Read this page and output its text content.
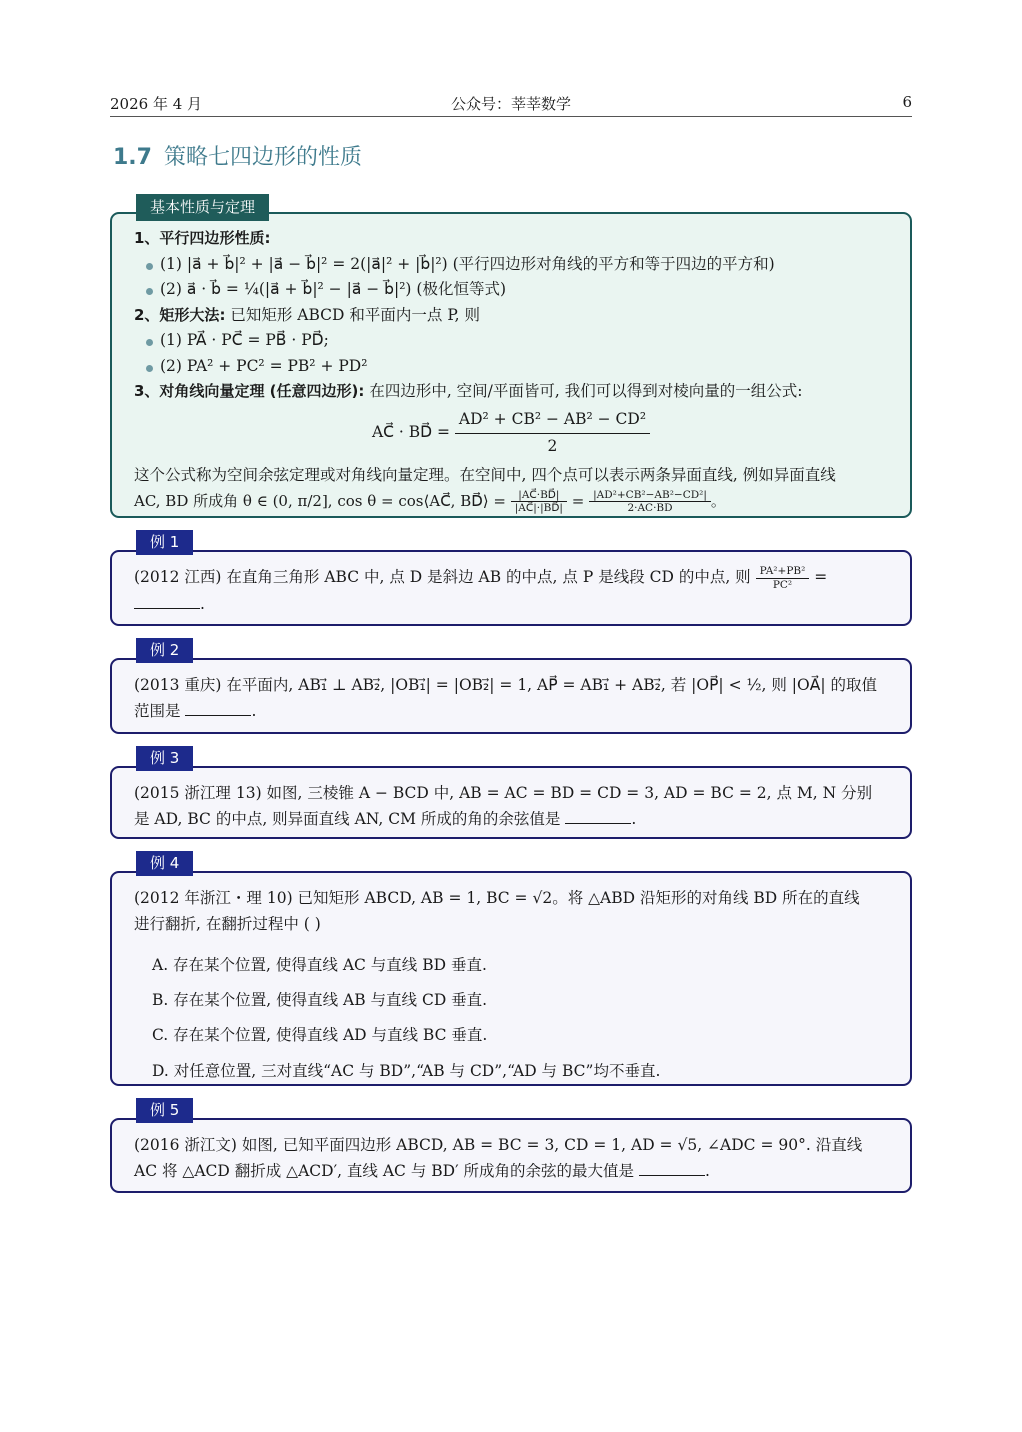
2026 年 4 月	公众号：莘莘数学	6
1.7 策略七四边形的性质
基本性质与定理
1、平行四边形性质:
(1) |a⃗ + b⃗|² + |a⃗ − b⃗|² = 2(|a⃗|² + |b⃗|²) (平行四边形对角线的平方和等于四边的平方和)
(2) a⃗ · b⃗ = ¼(|a⃗ + b⃗|² − |a⃗ − b⃗|²) (极化恒等式)
2、矩形大法: 已知矩形 ABCD 和平面内一点 P, 则
(1) PA⃗ · PC⃗ = PB⃗ · PD⃗;
(2) PA² + PC² = PB² + PD²
3、对角线向量定理 (任意四边形): 在四边形中, 空间/平面皆可, 我们可以得到对棱向量的一组公式:
AC⃗ · BD⃗ = $\frac{\text{AD² + CB² − AB² − CD²}}{2}$
这个公式称为空间余弦定理或对角线向量定理。在空间中, 四个点可以表示两条异面直线, 例如异面直线
AC, BD 所成角 θ ∈ (0, π/2], cos θ = cos⟨AC⃗, BD⃗⟩ = $\frac{|AC⃗\cdot BD⃗|}{|AC⃗|\cdot|BD⃗|} = \frac{\text{|AD²+CB²−AB²−CD²|}}{2\cdot AC\cdot BD}$ 。
例 1
(2012 江西) 在直角三角形 ABC 中, 点 D 是斜边 AB 的中点, 点 P 是线段 CD 的中点, 则 $\frac{\text{PA²+PB²}}{\text{PC²}}$ =
.
例 2
(2013 重庆) 在平面内, AB₁⃗ ⊥ AB₂⃗, |OB₁⃗| = |OB₂⃗| = 1, AP⃗ = AB₁⃗ + AB₂⃗, 若 |OP⃗| < ½, 则 |OA⃗| 的取值
范围是	.
例 3
(2015 浙江理 13) 如图, 三棱锥 A − BCD 中, AB = AC = BD = CD = 3, AD = BC = 2, 点 M, N 分别
是 AD, BC 的中点, 则异面直线 AN, CM 所成的角的余弦值是	.
例 4
(2012 年浙江・理 10) 已知矩形 ABCD, AB = 1, BC = √2。将 △ABD 沿矩形的对角线 BD 所在的直线
进行翻折, 在翻折过程中 ( )
A. 存在某个位置, 使得直线 AC 与直线 BD 垂直.
B. 存在某个位置, 使得直线 AB 与直线 CD 垂直.
C. 存在某个位置, 使得直线 AD 与直线 BC 垂直.
D. 对任意位置, 三对直线“AC 与 BD”,“AB 与 CD”,“AD 与 BC”均不垂直.
例 5
(2016 浙江文) 如图, 已知平面四边形 ABCD, AB = BC = 3, CD = 1, AD = √5, ∠ADC = 90°. 沿直线
AC 将 △ACD 翻折成 △ACD′, 直线 AC 与 BD′ 所成角的余弦的最大值是	.
